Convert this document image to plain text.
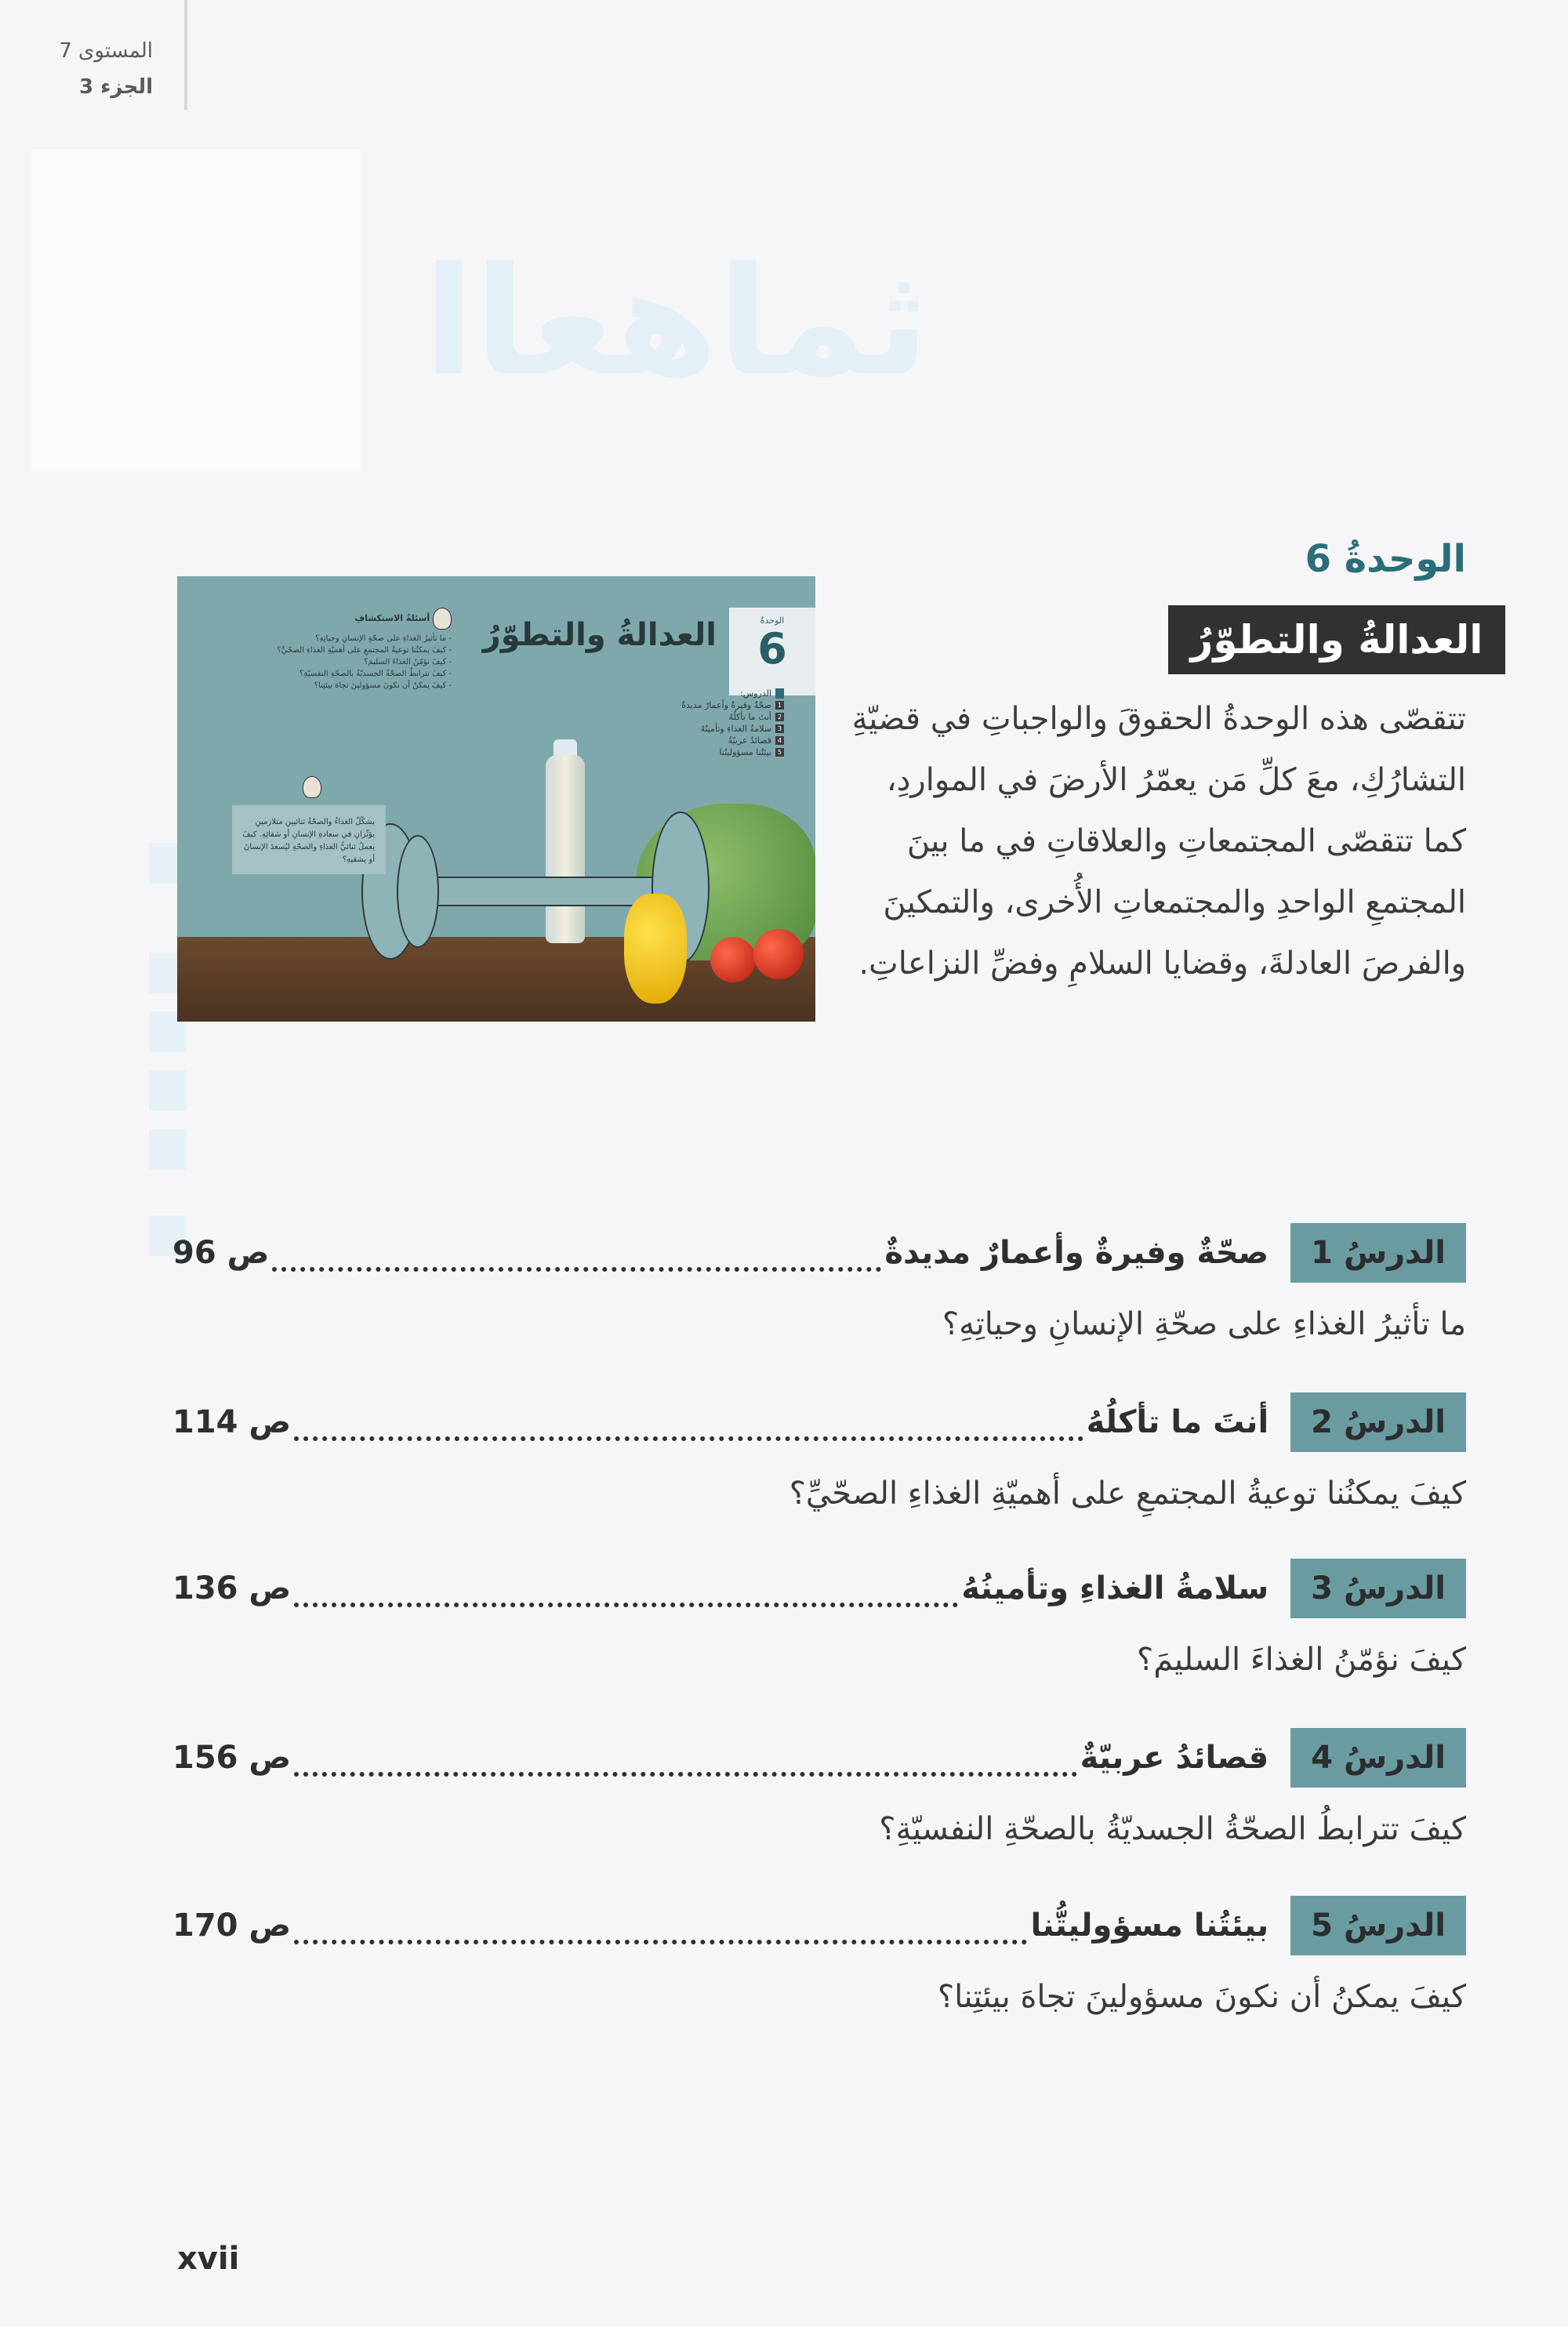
ثماهعاا
المستوى 7
الجزء 3
الوحدةُ
6
العدالةُ والتطوّرُ
الدروس:
1
صحّةٌ وفيرةٌ وأعمارٌ مديدةٌ
2
أنتَ ما تأكلُهُ
3
سلامةُ الغذاءِ وتأمينُهُ
4
قصائدُ عربيّةٌ
5
بيئتُنا مسؤوليتُنا
أسئلةُ الاستكشافِ
- ما تأثيرُ الغذاءِ على صحّةِ الإنسانِ وحياتِهِ؟
- كيفَ يمكنُنا توعيةُ المجتمعِ على أهميّةِ الغذاءِ الصحّيِّ؟
- كيفَ نؤمّنُ الغذاءَ السليمَ؟
- كيفَ تترابطُ الصحّةُ الجسديّةُ بالصحّةِ النفسيّةِ؟
- كيفَ يمكنُ أن نكونَ مسؤولينَ تجاهَ بيئتِنا؟
يشكّلُ الغذاءُ والصحّةُ ثنائيينِ متلازمينِ يؤثّرانِ في سعادةِ الإنسانِ أو شقائِهِ. كيفَ يعملُ ثنائيُّ الغذاءِ والصحّةِ ليُسعدَ الإنسانَ أو يشقيهِ؟
الوحدةُ 6
العدالةُ والتطوّرُ
تتقصّى هذه الوحدةُ الحقوقَ والواجباتِ في قضيّةِ التشارُكِ، معَ كلِّ مَن يعمّرُ الأرضَ في المواردِ، كما تتقصّى المجتمعاتِ والعلاقاتِ في ما بينَ المجتمعِ الواحدِ والمجتمعاتِ الأُخرى، والتمكينَ والفرصَ العادلةَ، وقضايا السلامِ وفضِّ النزاعاتِ.
الدرسُ 1
صحّةٌ وفيرةٌ وأعمارٌ مديدةٌ
ص 96
ما تأثيرُ الغذاءِ على صحّةِ الإنسانِ وحياتِهِ؟
الدرسُ 2
أنتَ ما تأكلُهُ
ص 114
كيفَ يمكنُنا توعيةُ المجتمعِ على أهميّةِ الغذاءِ الصحّيِّ؟
الدرسُ 3
سلامةُ الغذاءِ وتأمينُهُ
ص 136
كيفَ نؤمّنُ الغذاءَ السليمَ؟
الدرسُ 4
قصائدُ عربيّةٌ
ص 156
كيفَ تترابطُ الصحّةُ الجسديّةُ بالصحّةِ النفسيّةِ؟
الدرسُ 5
بيئتُنا مسؤوليتُّنا
ص 170
كيفَ يمكنُ أن نكونَ مسؤولينَ تجاهَ بيئتِنا؟
xvii
